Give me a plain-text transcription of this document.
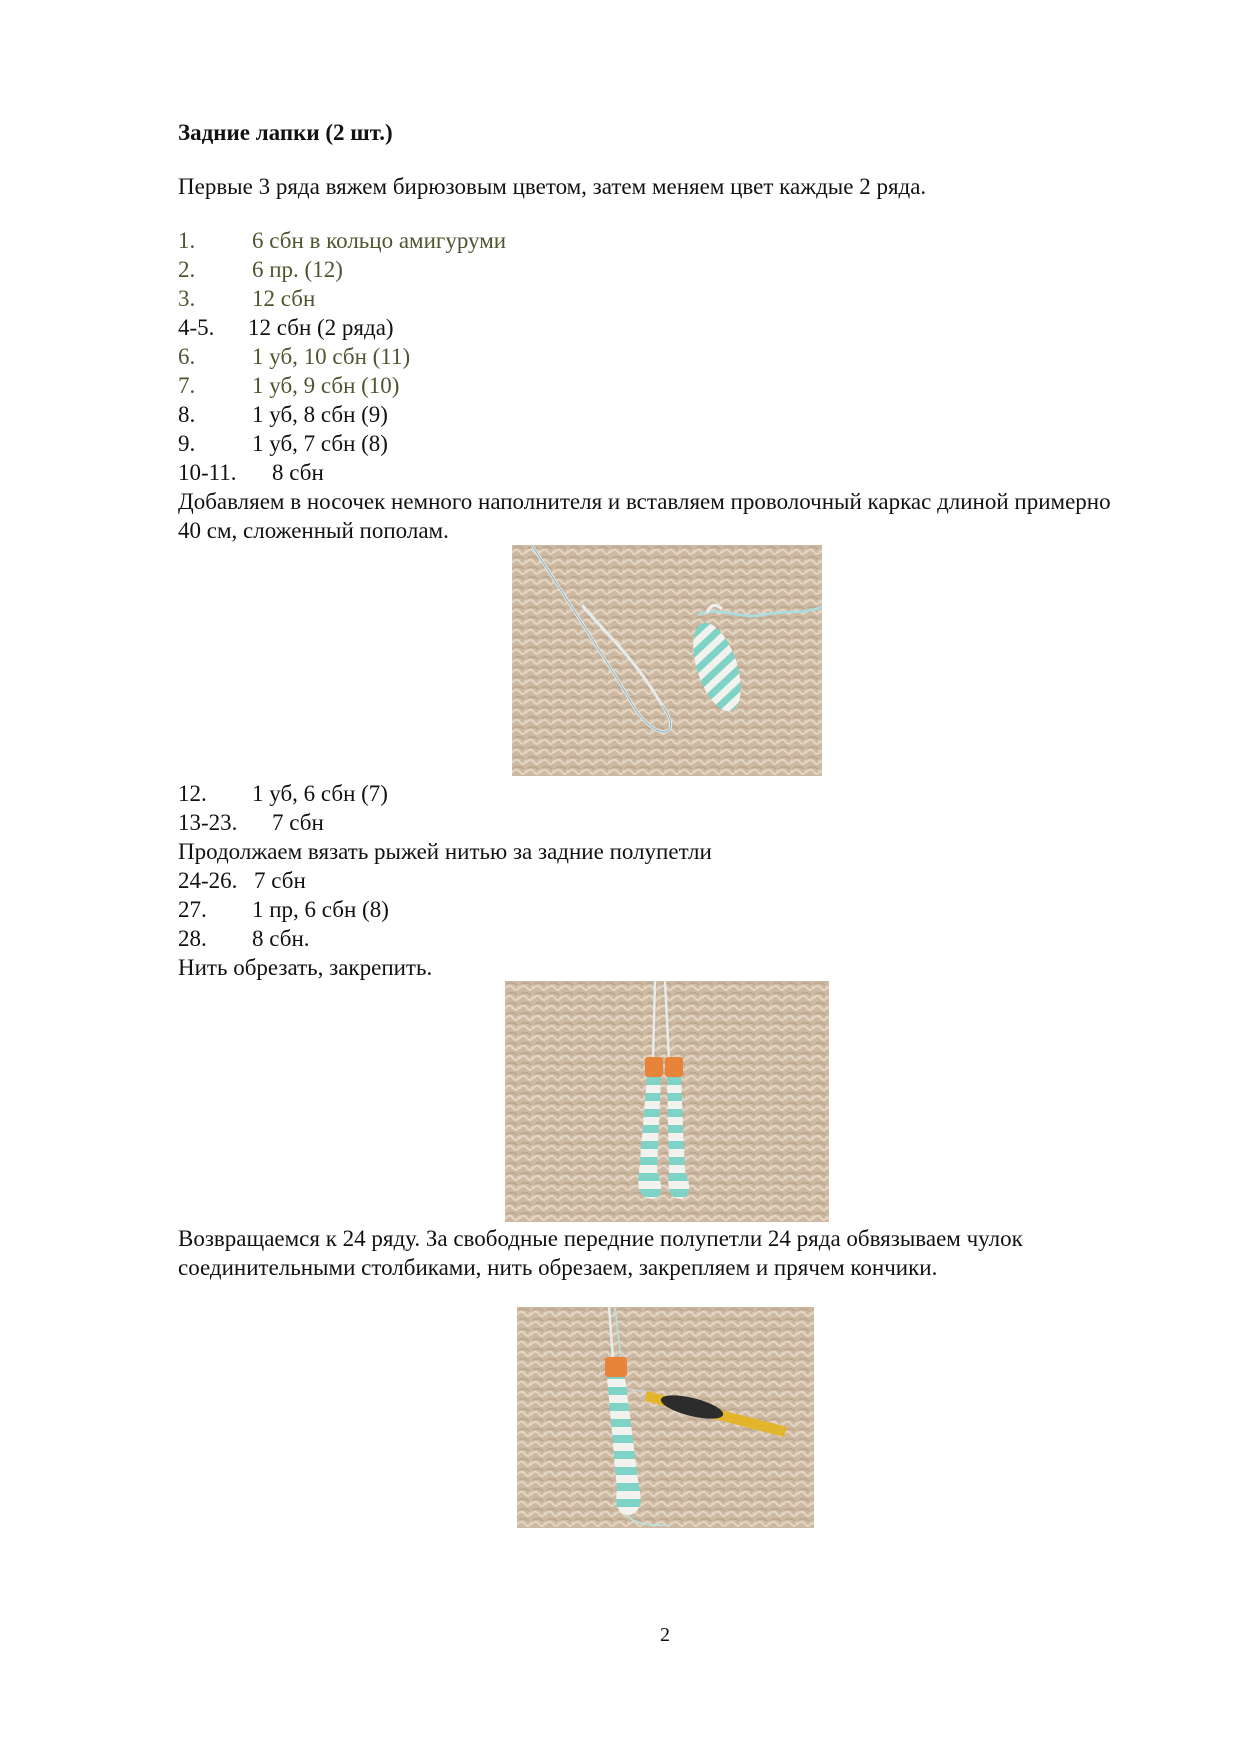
Задние лапки (2 шт.)
Первые 3 ряда вяжем бирюзовым цветом, затем меняем цвет каждые 2 ряда.
1. 6 сбн в кольцо амигуруми
2. 6 пр. (12)
3. 12 сбн
4-5. 12 сбн (2 ряда)
6. 1 уб, 10 сбн (11)
7. 1 уб, 9 сбн (10)
8. 1 уб, 8 сбн (9)
9. 1 уб, 7 сбн (8)
10-11. 8 сбн
Добавляем в носочек немного наполнителя и вставляем проволочный каркас длиной примерно 40 см, сложенный пополам.
12. 1 уб, 6 сбн (7)
13-23. 7 сбн
Продолжаем вязать рыжей нитью за задние полупетли
24-26. 7 сбн
27. 1 пр, 6 сбн (8)
28. 8 сбн.
Нить обрезать, закрепить.
Возвращаемся к 24 ряду. За свободные передние полупетли 24 ряда обвязываем чулок соединительными столбиками, нить обрезаем, закрепляем и прячем кончики.
2
